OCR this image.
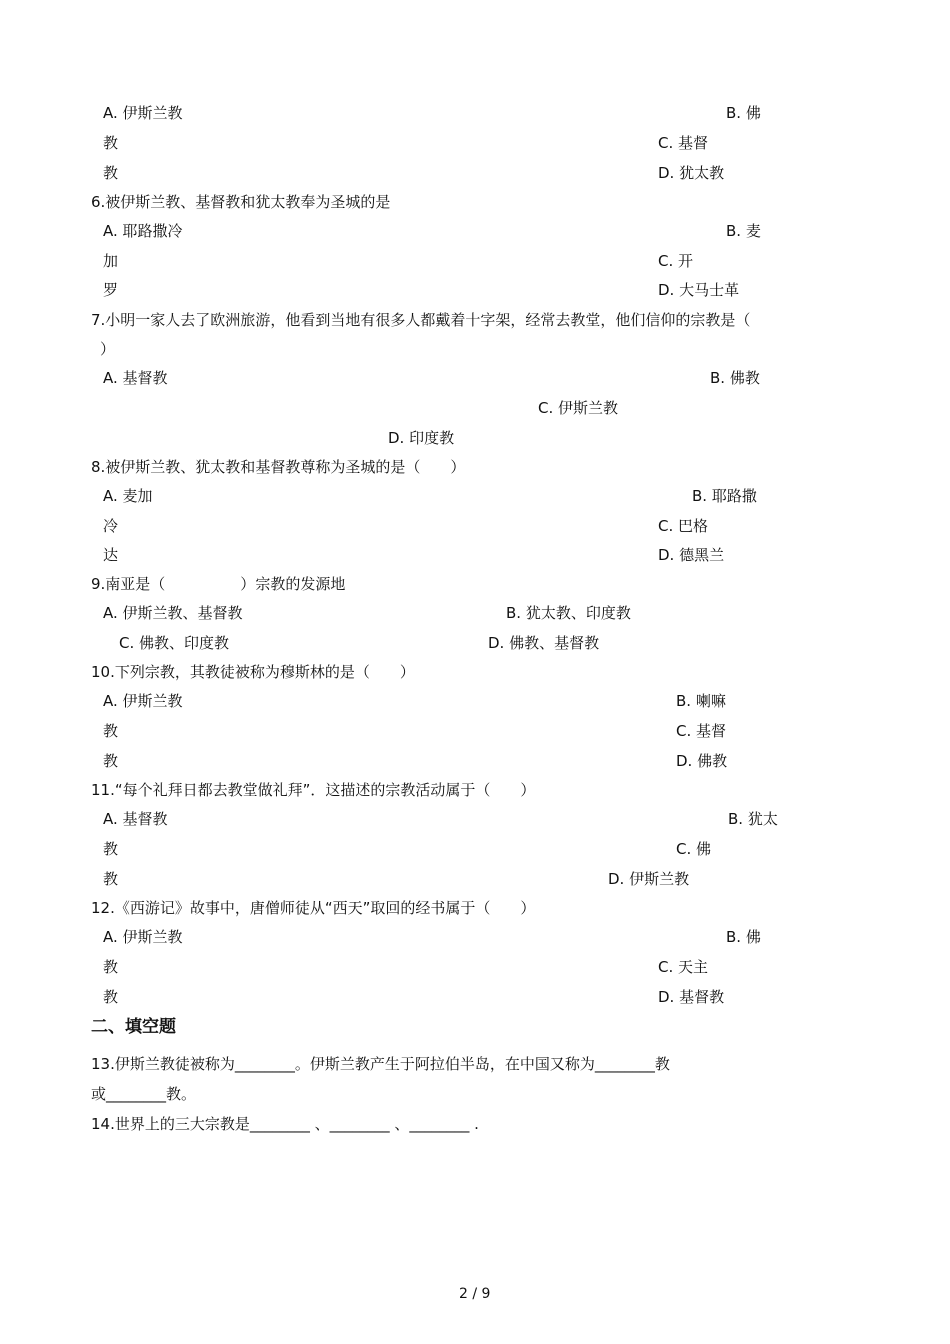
A. 伊斯兰教	B. 佛
教	C. 基督
教	D. 犹太教
6.被伊斯兰教、基督教和犹太教奉为圣城的是
A. 耶路撒冷	B. 麦
加	C. 开
罗	D. 大马士革
7.小明一家人去了欧洲旅游，他看到当地有很多人都戴着十字架，经常去教堂，他们信仰的宗教是（
）
A. 基督教	B. 佛教
C. 伊斯兰教
D. 印度教
8.被伊斯兰教、犹太教和基督教尊称为圣城的是（　　）
A. 麦加	B. 耶路撒
冷	C. 巴格
达	D. 德黑兰
9.南亚是（　　　　　）宗教的发源地
A. 伊斯兰教、基督教	B. 犹太教、印度教
C. 佛教、印度教	D. 佛教、基督教
10.下列宗教，其教徒被称为穆斯林的是（　　）
A. 伊斯兰教	B. 喇嘛
教	C. 基督
教	D. 佛教
11.“每个礼拜日都去教堂做礼拜”．这描述的宗教活动属于（　　）
A. 基督教	B. 犹太
教	C. 佛
教	D. 伊斯兰教
12.《西游记》故事中，唐僧师徒从“西天”取回的经书属于（　　）
A. 伊斯兰教	B. 佛
教	C. 天主
教	D. 基督教
二、填空题
13.伊斯兰教徒被称为________。伊斯兰教产生于阿拉伯半岛，在中国又称为________教
或________教。
14.世界上的三大宗教是________ 、________ 、________ .
2 / 9
